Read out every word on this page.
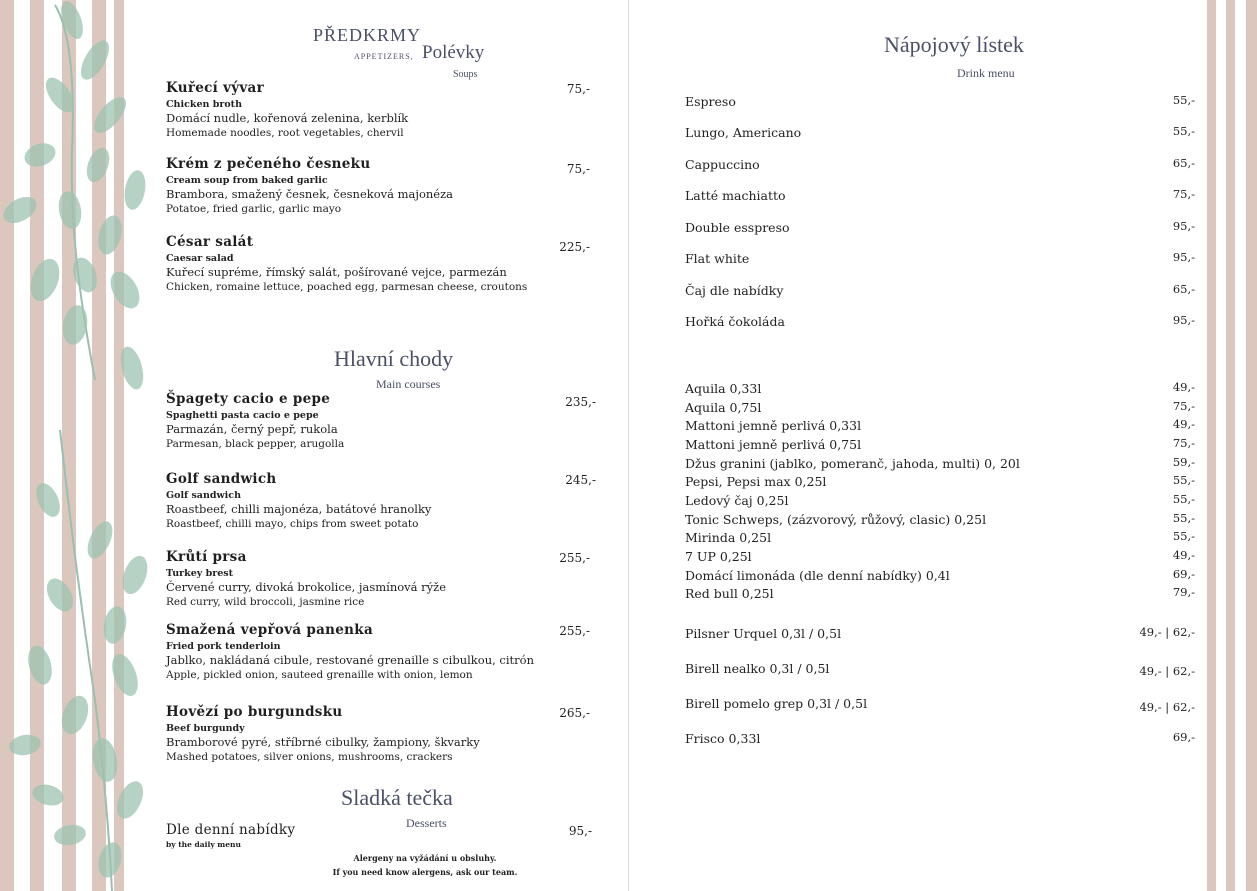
PŘEDKRMY
APPETIZERS, Polévky
Soups
Kuřecí vývar
Chicken broth
Domácí nudle, kořenová zelenina, kerblík
Homemade noodles, root vegetables, chervil
75,-
Krém z pečeného česneku
Cream soup from baked garlic
Brambora, smažený česnek, česneková majonéza
Potatoe, fried garlic, garlic mayo
75,-
César salát
Caesar salad
Kuřecí supréme, římský salát, pošírované vejce, parmezán
Chicken, romaine lettuce, poached egg, parmesan cheese, croutons
225,-
Hlavní chody
Main courses
Špagety cacio e pepe
Spaghetti pasta cacio e pepe
Parmazán, černý pepř, rukola
Parmesan, black pepper, arugolla
235,-
Golf sandwich
Golf sandwich
Roastbeef, chilli majonéza, batátové hranolky
Roastbeef, chilli mayo, chips from sweet potato
245,-
Krůtí prsa
Turkey brest
Červené curry, divoká brokolice, jasmínová rýže
Red curry, wild broccoli, jasmine rice
255,-
Smažená vepřová panenka
Fried pork tenderloin
Jablko, nakládaná cibule, restované grenaille s cibulkou, citrón
Apple, pickled onion, sauteed grenaille with onion, lemon
255,-
Hovězí po burgundsku
Beef burgundy
Bramborové pyré, stříbrné cibulky, žampiony, škvarky
Mashed potatoes, silver onions, mushrooms, crackers
265,-
Sladká tečka
Desserts
Dle denní nabídky
by the daily menu
95,-
Alergeny na vyžádání u obsluhy.
If you need know alergens, ask our team.
Nápojový lístek
Drink menu
Espreso	55,-
Lungo, Americano	55,-
Cappuccino	65,-
Latté machiatto	75,-
Double esspreso	95,-
Flat white	95,-
Čaj dle nabídky	65,-
Hořká čokoláda	95,-
Aquila 0,33l	49,-
Aquila 0,75l	75,-
Mattoni jemně perlivá 0,33l	49,-
Mattoni jemně perlivá 0,75l	75,-
Džus granini (jablko, pomeranč, jahoda, multi) 0, 20l	59,-
Pepsi, Pepsi max 0,25l	55,-
Ledový čaj 0,25l	55,-
Tonic Schweps, (zázvorový, růžový, clasic) 0,25l	55,-
Mirinda 0,25l	55,-
7 UP 0,25l	49,-
Domácí limonáda (dle denní nabídky) 0,4l	69,-
Red bull 0,25l	79,-
Pilsner Urquel 0,3l / 0,5l	49,- | 62,-
Birell nealko 0,3l / 0,5l	49,- | 62,-
Birell pomelo grep 0,3l / 0,5l	49,- | 62,-
Frisco 0,33l	69,-
